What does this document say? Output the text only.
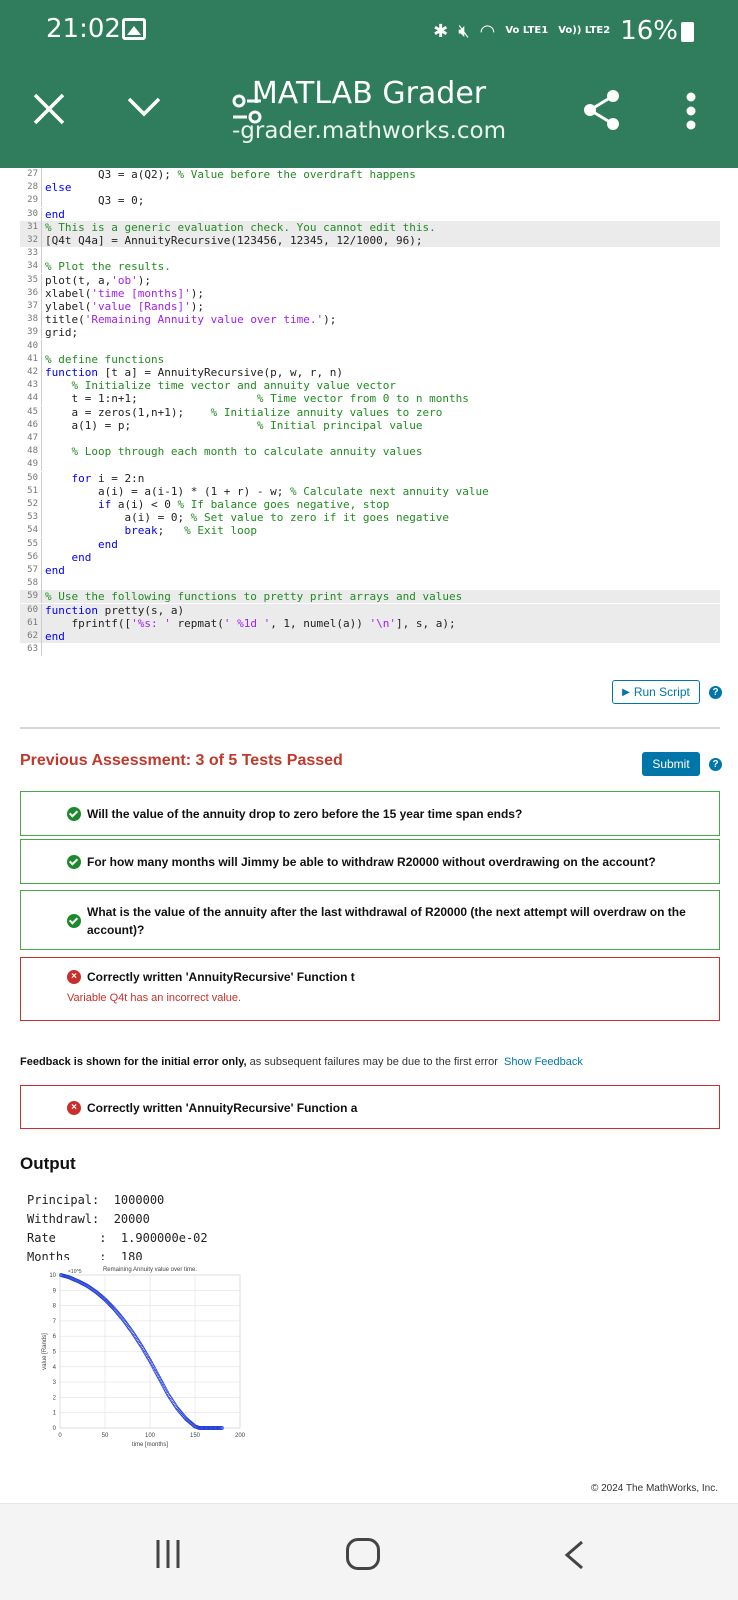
21:02	✱ 🔇︎ ◠ Vo LTE1 Vo)) LTE2 16%
MATLAB Grader
-grader.mathworks.com
27 Q3 = a(Q2); % Value before the overdraft happens
28 else
29 Q3 = 0;
30 end
31 % This is a generic evaluation check. You cannot edit this.
32 [Q4t Q4a] = AnnuityRecursive(123456, 12345, 12/1000, 96);
33
34 % Plot the results.
35 plot(t, a,'ob');
36 xlabel('time [months]');
37 ylabel('value [Rands]');
38 title('Remaining Annuity value over time.');
39 grid;
40
41 % define functions
42 function [t a] = AnnuityRecursive(p, w, r, n)
43	% Initialize time vector and annuity value vector
44 t = 1:n+1;                  % Time vector from 0 to n months
45 a = zeros(1,n+1);    % Initialize annuity values to zero
46 a(1) = p;                   % Initial principal value
47
48	% Loop through each month to calculate annuity values
49
50	for i = 2:n
51 a(i) = a(i-1) * (1 + r) - w; % Calculate next annuity value
52	if a(i) < 0 % If balance goes negative, stop
53 a(i) = 0; % Set value to zero if it goes negative
54	break;   % Exit loop
55	end
56	end
57 end
58
59 % Use the following functions to pretty print arrays and values
60 function pretty(s, a)
61 fprintf(['%s: ' repmat(' %1d ', 1, numel(a)) '\n'], s, a);
62 end
63
▶ Run Script	?
Previous Assessment: 3 of 5 Tests Passed	Submit	?
Will the value of the annuity drop to zero before the 15 year time span ends?
For how many months will Jimmy be able to withdraw R20000 without overdrawing on the account?
What is the value of the annuity after the last withdrawal of R20000 (the next attempt will overdraw on the account)?
× Correctly written 'AnnuityRecursive' Function t
Variable Q4t has an incorrect value.
Feedback is shown for the initial error only, as subsequent failures may be due to the first error Show Feedback
× Correctly written 'AnnuityRecursive' Function a
Output
Principal:  1000000
Withdrawl:  20000
Rate      :  1.900000e-02
Months    :  180
0	50	100	150	200
0
1
2
3
4
5
6
7
8
9
10
×10^5	Remaining Annuity value over time.
time [months]
value [Rands]
© 2024 The MathWorks, Inc.
